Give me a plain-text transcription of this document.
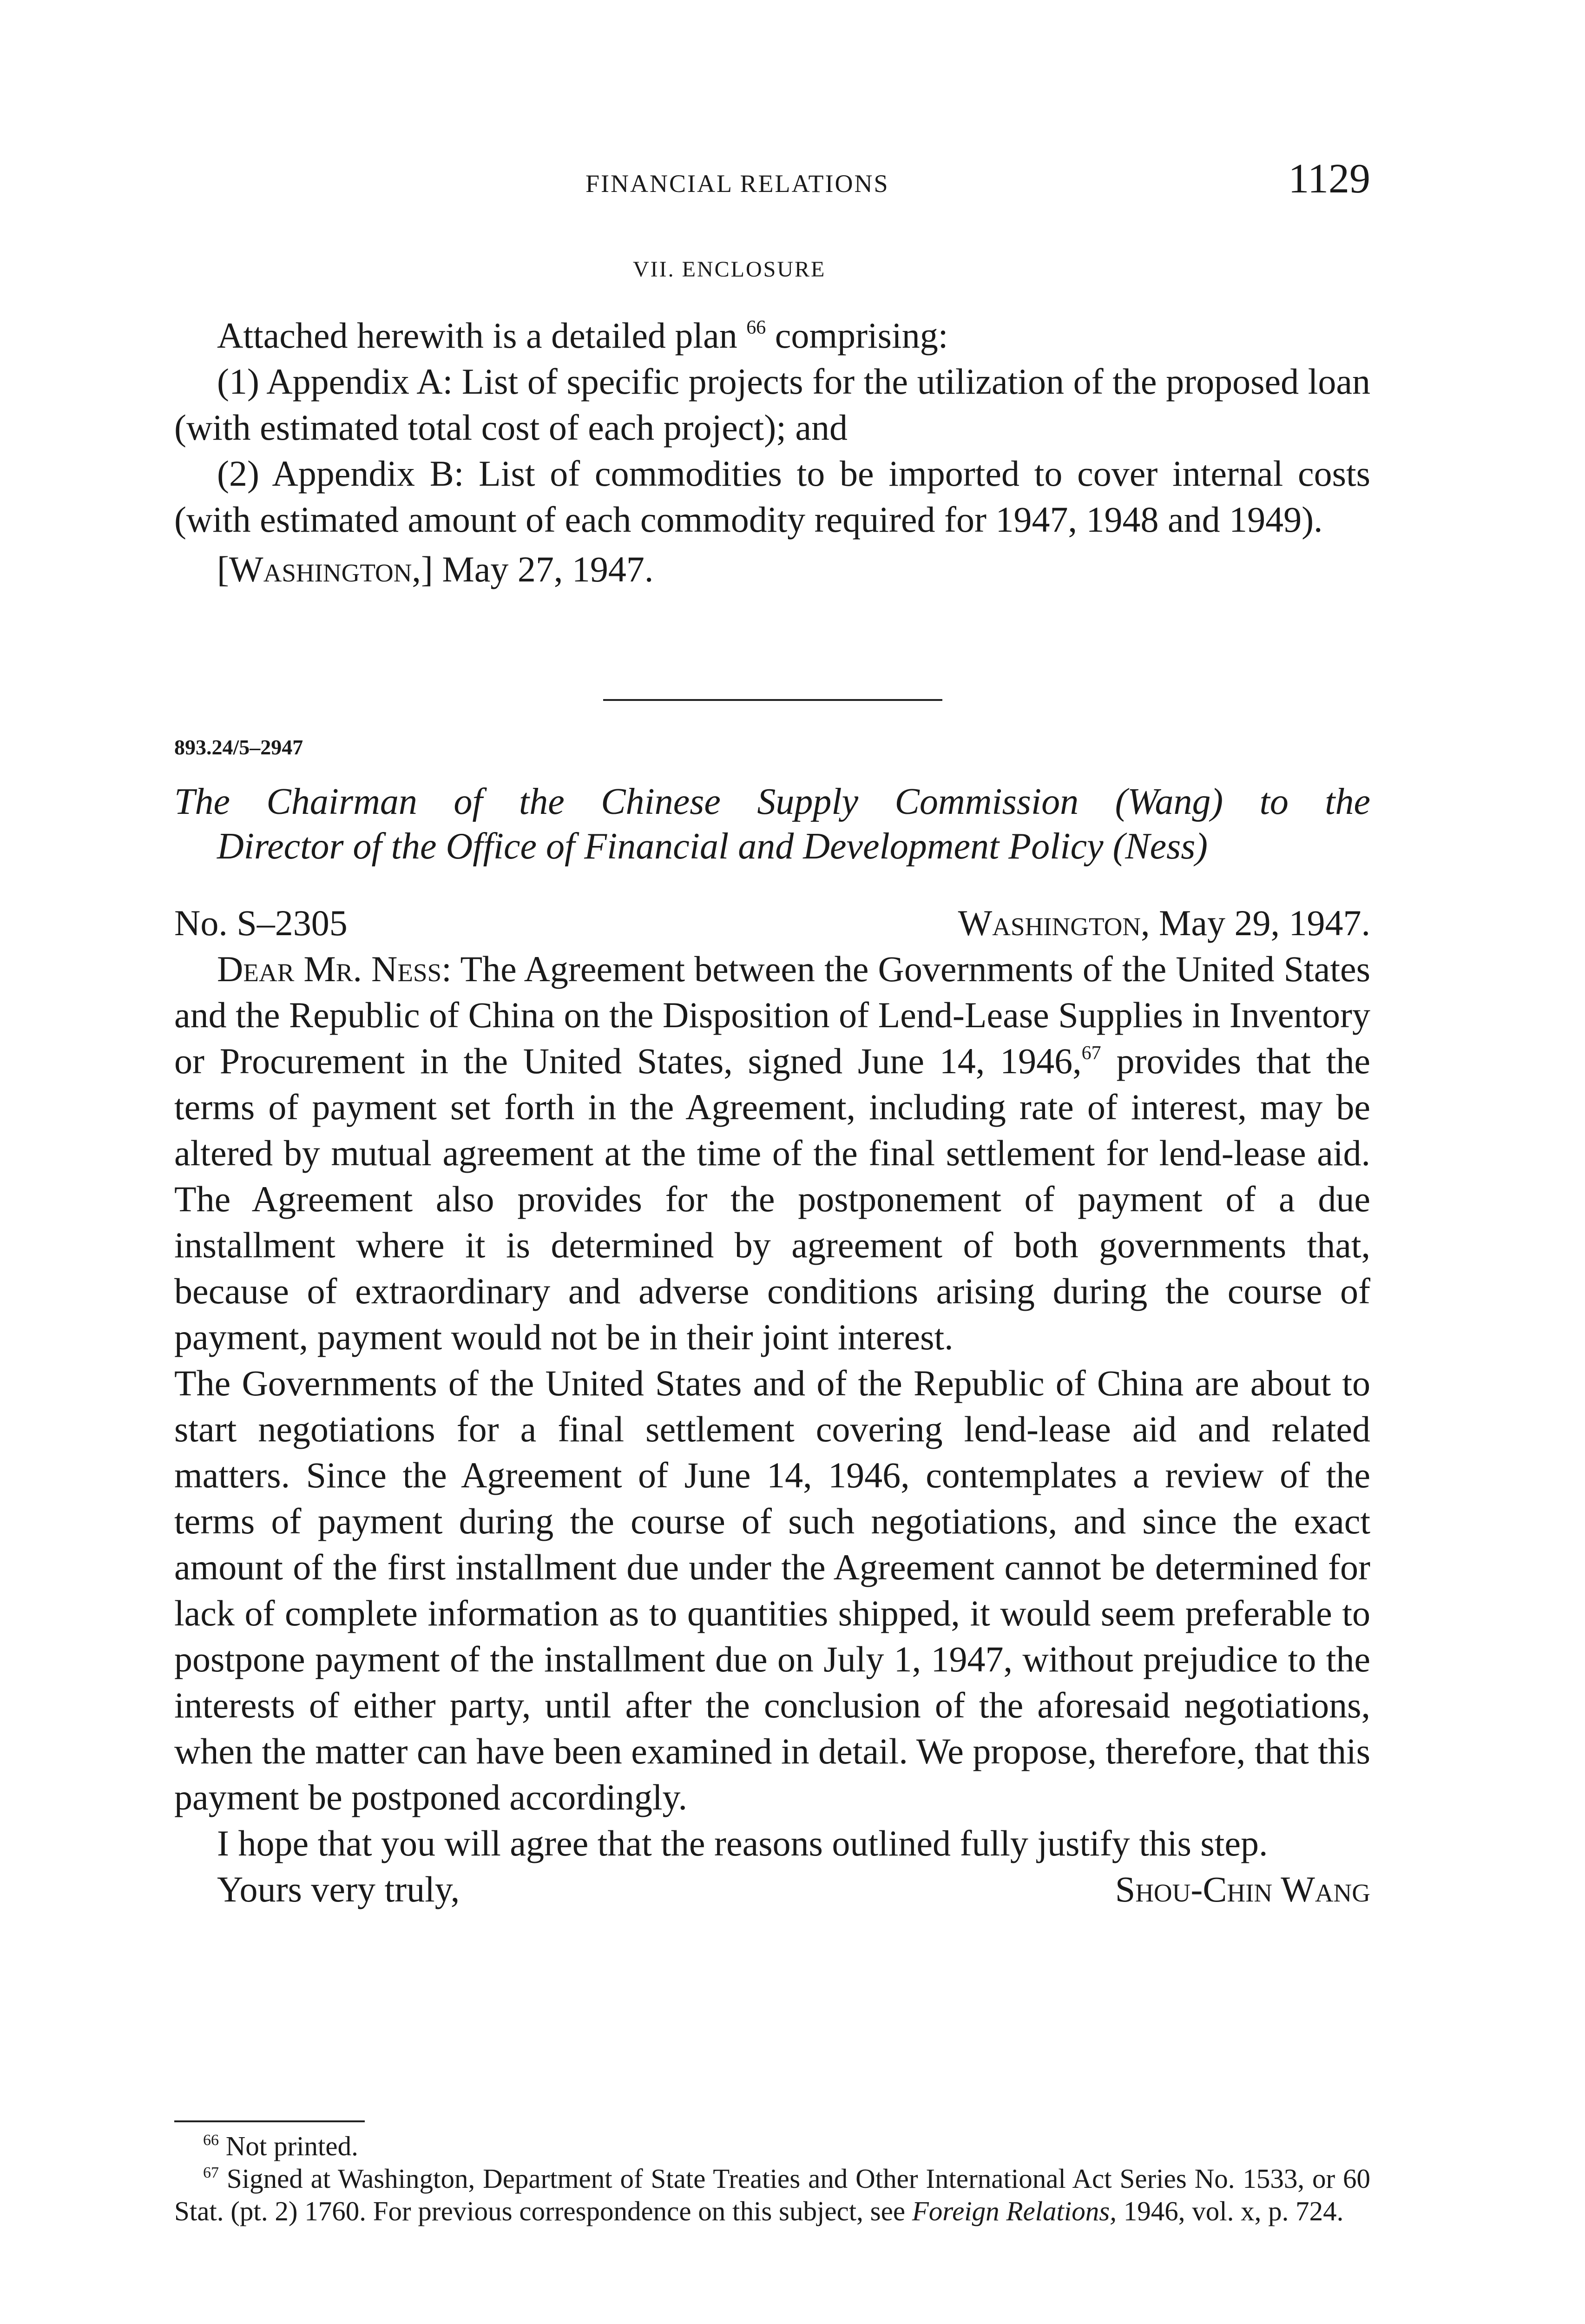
FINANCIAL RELATIONS	1129
VII. ENCLOSURE
Attached herewith is a detailed plan $^{66}$ comprising:
(1) Appendix A: List of specific projects for the utilization of the proposed loan (with estimated total cost of each project); and
(2) Appendix B: List of commodities to be imported to cover internal costs (with estimated amount of each commodity required for 1947, 1948 and 1949).
[Washington,] May 27, 1947.
893.24/5–2947
The Chairman of the Chinese Supply Commission (Wang) to the
Director of the Office of Financial and Development Policy (Ness)
No. S–2305	Washington, May 29, 1947.
Dear Mr. Ness: The Agreement between the Governments of the United States and the Republic of China on the Disposition of Lend-Lease Supplies in Inventory or Procurement in the United States, signed June 14, 1946,67 provides that the terms of payment set forth in the Agreement, including rate of interest, may be altered by mutual agreement at the time of the final settlement for lend-lease aid. The Agreement also provides for the postponement of payment of a due installment where it is determined by agreement of both governments that, because of extraordinary and adverse conditions arising during the course of payment, payment would not be in their joint interest.
The Governments of the United States and of the Republic of China are about to start negotiations for a final settlement covering lend-lease aid and related matters. Since the Agreement of June 14, 1946, contemplates a review of the terms of payment during the course of such negotiations, and since the exact amount of the first installment due under the Agreement cannot be determined for lack of complete information as to quantities shipped, it would seem preferable to postpone payment of the installment due on July 1, 1947, without prejudice to the interests of either party, until after the conclusion of the aforesaid negotiations, when the matter can have been examined in detail. We propose, therefore, that this payment be postponed accordingly.
I hope that you will agree that the reasons outlined fully justify this step.
Yours very truly,	Shou-Chin Wang
$^{66}$ Not printed.
$^{67}$ Signed at Washington, Department of State Treaties and Other International Act Series No. 1533, or 60 Stat. (pt. 2) 1760. For previous correspondence on this subject, see Foreign Relations, 1946, vol. x, p. 724.
